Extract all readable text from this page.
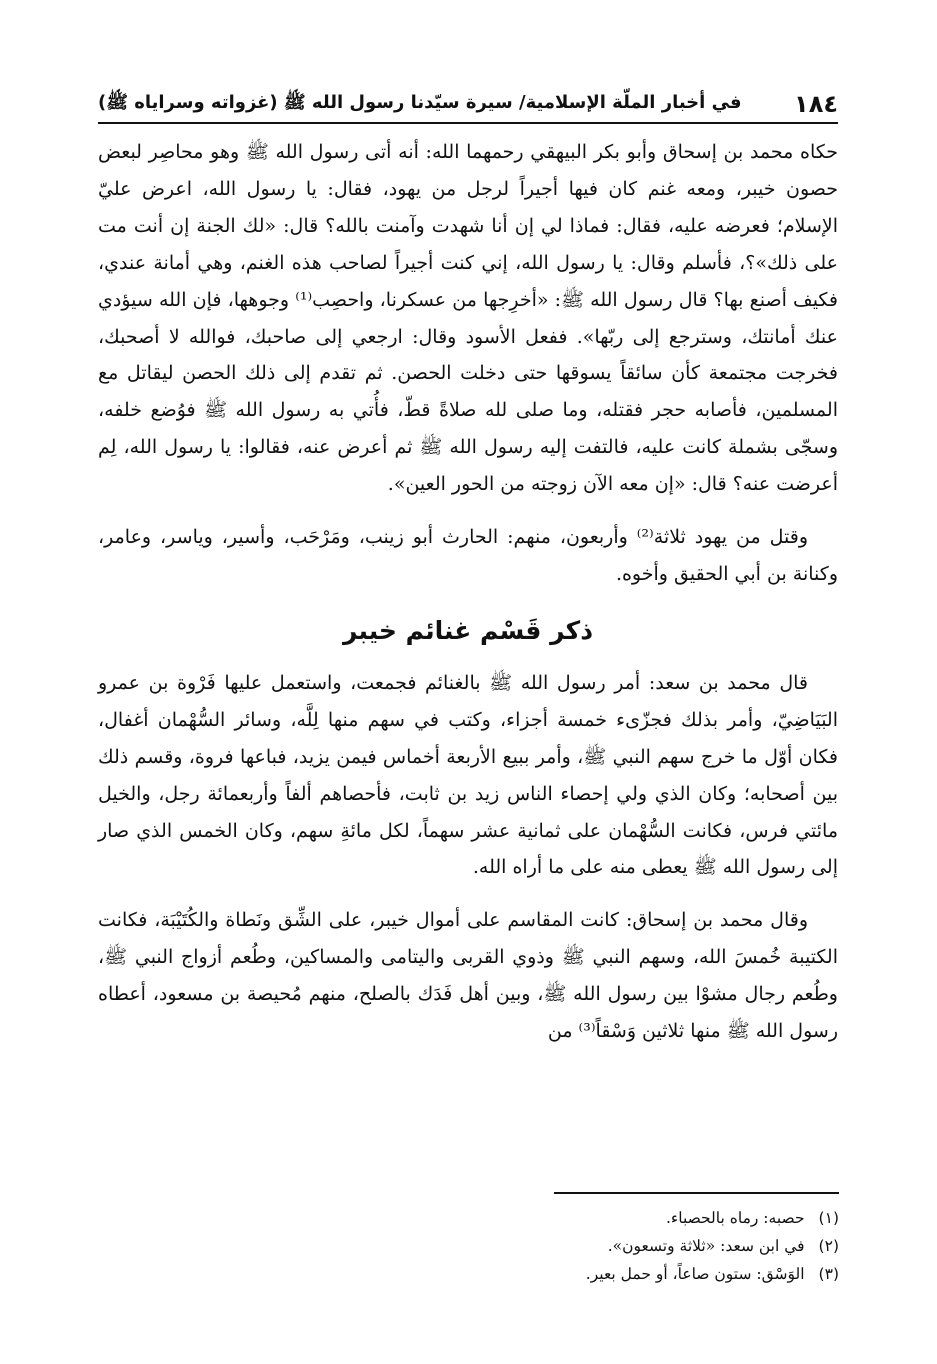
١٨٤
في أخبار الملّة الإسلامية/ سيرة سيّدنا رسول الله ﷺ (غزواته وسراياه ﷺ)

حكاه محمد بن إسحاق وأبو بكر البيهقي رحمهما الله: أنه أتى رسول الله ﷺ وهو محاصِر لبعض حصون خيبر، ومعه غنم كان فيها أجيراً لرجل من يهود، فقال: يا رسول الله، اعرض عليّ الإسلام؛ فعرضه عليه، فقال: فماذا لي إن أنا شهدت وآمنت بالله؟ قال: «لك الجنة إن أنت مت على ذلك»؟، فأسلم وقال: يا رسول الله، إني كنت أجيراً لصاحب هذه الغنم، وهي أمانة عندي، فكيف أصنع بها؟ قال رسول الله ﷺ: «أخرِجها من عسكرنا، واحصِب⁽¹⁾ وجوهها، فإن الله سيؤدي عنك أمانتك، وسترجع إلى ربّها». ففعل الأسود وقال: ارجعي إلى صاحبك، فوالله لا أصحبك، فخرجت مجتمعة كأن سائقاً يسوقها حتى دخلت الحصن. ثم تقدم إلى ذلك الحصن ليقاتل مع المسلمين، فأصابه حجر فقتله، وما صلى لله صلاةً قطّ، فأُتي به رسول الله ﷺ فوُضع خلفه، وسجّى بشملة كانت عليه، فالتفت إليه رسول الله ﷺ ثم أعرض عنه، فقالوا: يا رسول الله، لِم أعرضت عنه؟ قال: «إن معه الآن زوجته من الحور العين».

وقتل من يهود ثلاثة⁽²⁾ وأربعون، منهم: الحارث أبو زينب، ومَرْحَب، وأسير، وياسر، وعامر، وكنانة بن أبي الحقيق وأخوه.

ذكر قَسْم غنائم خيبر

قال محمد بن سعد: أمر رسول الله ﷺ بالغنائم فجمعت، واستعمل عليها فَرْوة بن عمرو البَيَاضِيّ، وأمر بذلك فجزّىء خمسة أجزاء، وكتب في سهم منها لِلَّه، وسائر السُّهْمان أغفال، فكان أوّل ما خرج سهم النبي ﷺ، وأمر ببيع الأربعة أخماس فيمن يزيد، فباعها فروة، وقسم ذلك بين أصحابه؛ وكان الذي ولي إحصاء الناس زيد بن ثابت، فأحصاهم ألفاً وأربعمائة رجل، والخيل مائتي فرس، فكانت السُّهْمان على ثمانية عشر سهماً، لكل مائةِ سهم، وكان الخمس الذي صار إلى رسول الله ﷺ يعطى منه على ما أراه الله.

وقال محمد بن إسحاق: كانت المقاسم على أموال خيبر، على الشِّق ونَطاة والكُتَيْبَة، فكانت الكتيبة خُمسَ الله، وسهم النبي ﷺ وذوي القربى واليتامى والمساكين، وطُعم أزواج النبي ﷺ، وطُعم رجال مشوْا بين رسول الله ﷺ، وبين أهل فَدَك بالصلح، منهم مُحيصة بن مسعود، أعطاه رسول الله ﷺ منها ثلاثين وَسْقاً⁽³⁾ من

(١)
حصبه: رماه بالحصباء.
(٢)
في ابن سعد: «ثلاثة وتسعون».
(٣)
الوَسْق: ستون صاعاً، أو حمل بعير.
